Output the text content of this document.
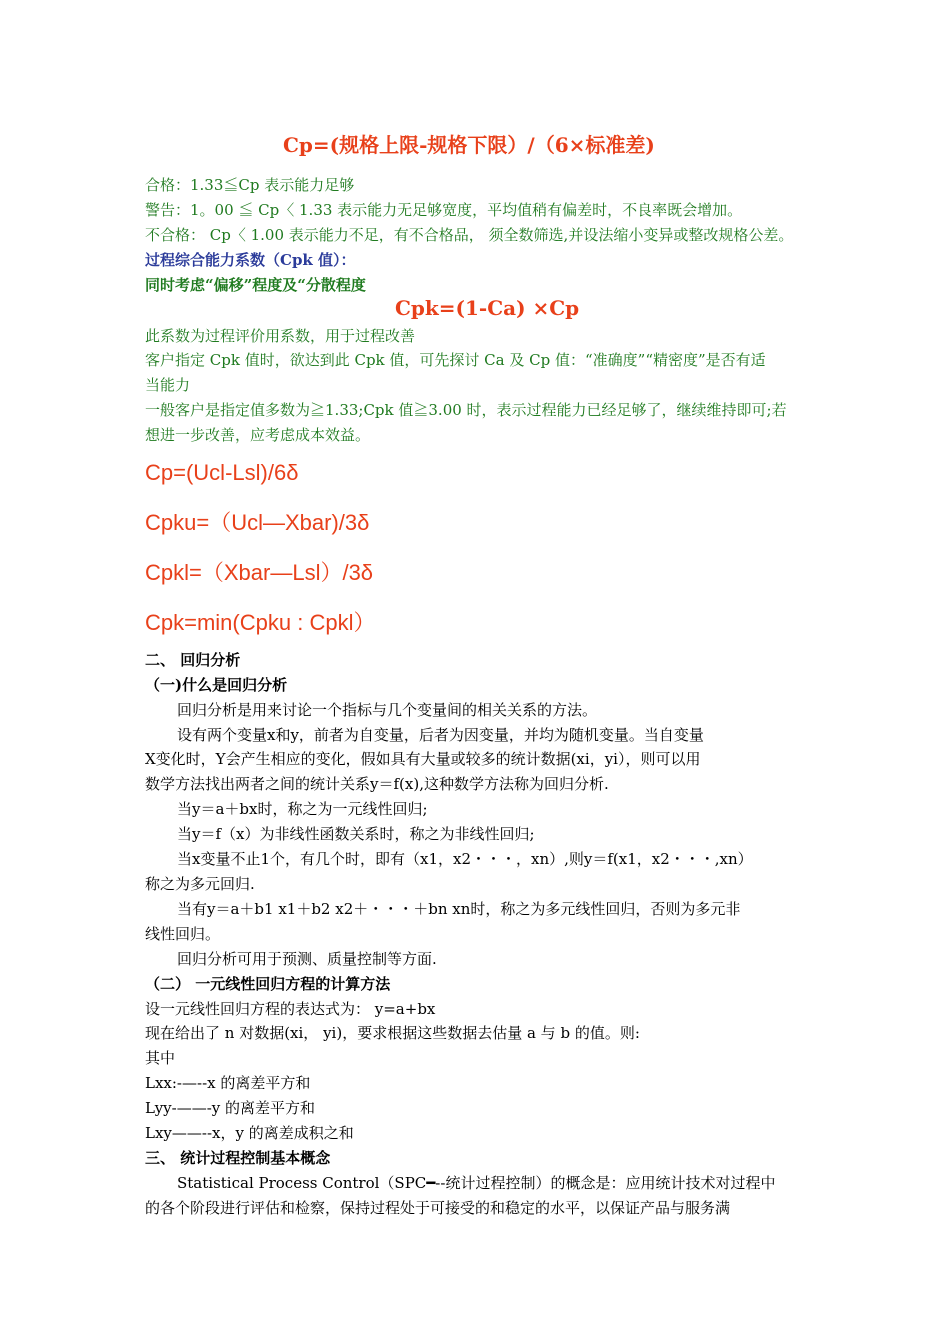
Cp=(规格上限-规格下限）/（6×标准差)
合格：1.33≦Cp 表示能力足够
警告：1。00 ≦ Cp〈 1.33 表示能力无足够宽度，平均值稍有偏差时，不良率既会增加。
不合格： Cp〈 1.00 表示能力不足，有不合格品， 须全数筛选,并设法缩小变异或整改规格公差。
过程综合能力系数（Cpk 值）：
同时考虑“偏移”程度及“分散程度
Cpk=(1-Ca) ×Cp
此系数为过程评价用系数，用于过程改善
客户指定 Cpk 值时，欲达到此 Cpk 值，可先探讨 Ca 及 Cp 值：“准确度”“精密度”是否有适
当能力
一般客户是指定值多数为≧1.33;Cpk 值≧3.00 时，表示过程能力已经足够了，继续维持即可;若
想进一步改善，应考虑成本效益。
Cp=(Ucl-Lsl)/6δ
Cpku=（Ucl—Xbar)/3δ
Cpkl=（Xbar—Lsl）/3δ
Cpk=min(Cpku : Cpkl）
二、 回归分析
（一)什么是回归分析
回归分析是用来讨论一个指标与几个变量间的相关关系的方法。
设有两个变量x和y，前者为自变量，后者为因变量，并均为随机变量。当自变量
X变化时，Y会产生相应的变化，假如具有大量或较多的统计数据(xi，yi），则可以用
数学方法找出两者之间的统计关系y＝f(x),这种数学方法称为回归分析.
当y＝a＋bx时，称之为一元线性回归;
当y＝f（x）为非线性函数关系时，称之为非线性回归;
当x变量不止1个，有几个时，即有（x1，x2・・・，xn）,则y＝f(x1，x2・・・,xn）
称之为多元回归.
当有y＝a＋b1 x1＋b2 x2＋・・・＋bn xn时，称之为多元线性回归，否则为多元非
线性回归。
回归分析可用于预测、质量控制等方面.
（二） 一元线性回归方程的计算方法
设一元线性回归方程的表达式为： y=a+bx
现在给出了 n 对数据(xi， yi)，要求根据这些数据去估量 a 与 b 的值。则:
其中
Lxx:-—--x 的离差平方和
Lyy-——-y 的离差平方和
Lxy——--x，y 的离差成积之和
三、 统计过程控制基本概念
Statistical Process Control（SPC━--统计过程控制）的概念是：应用统计技术对过程中
的各个阶段进行评估和检察，保持过程处于可接受的和稳定的水平，以保证产品与服务满
